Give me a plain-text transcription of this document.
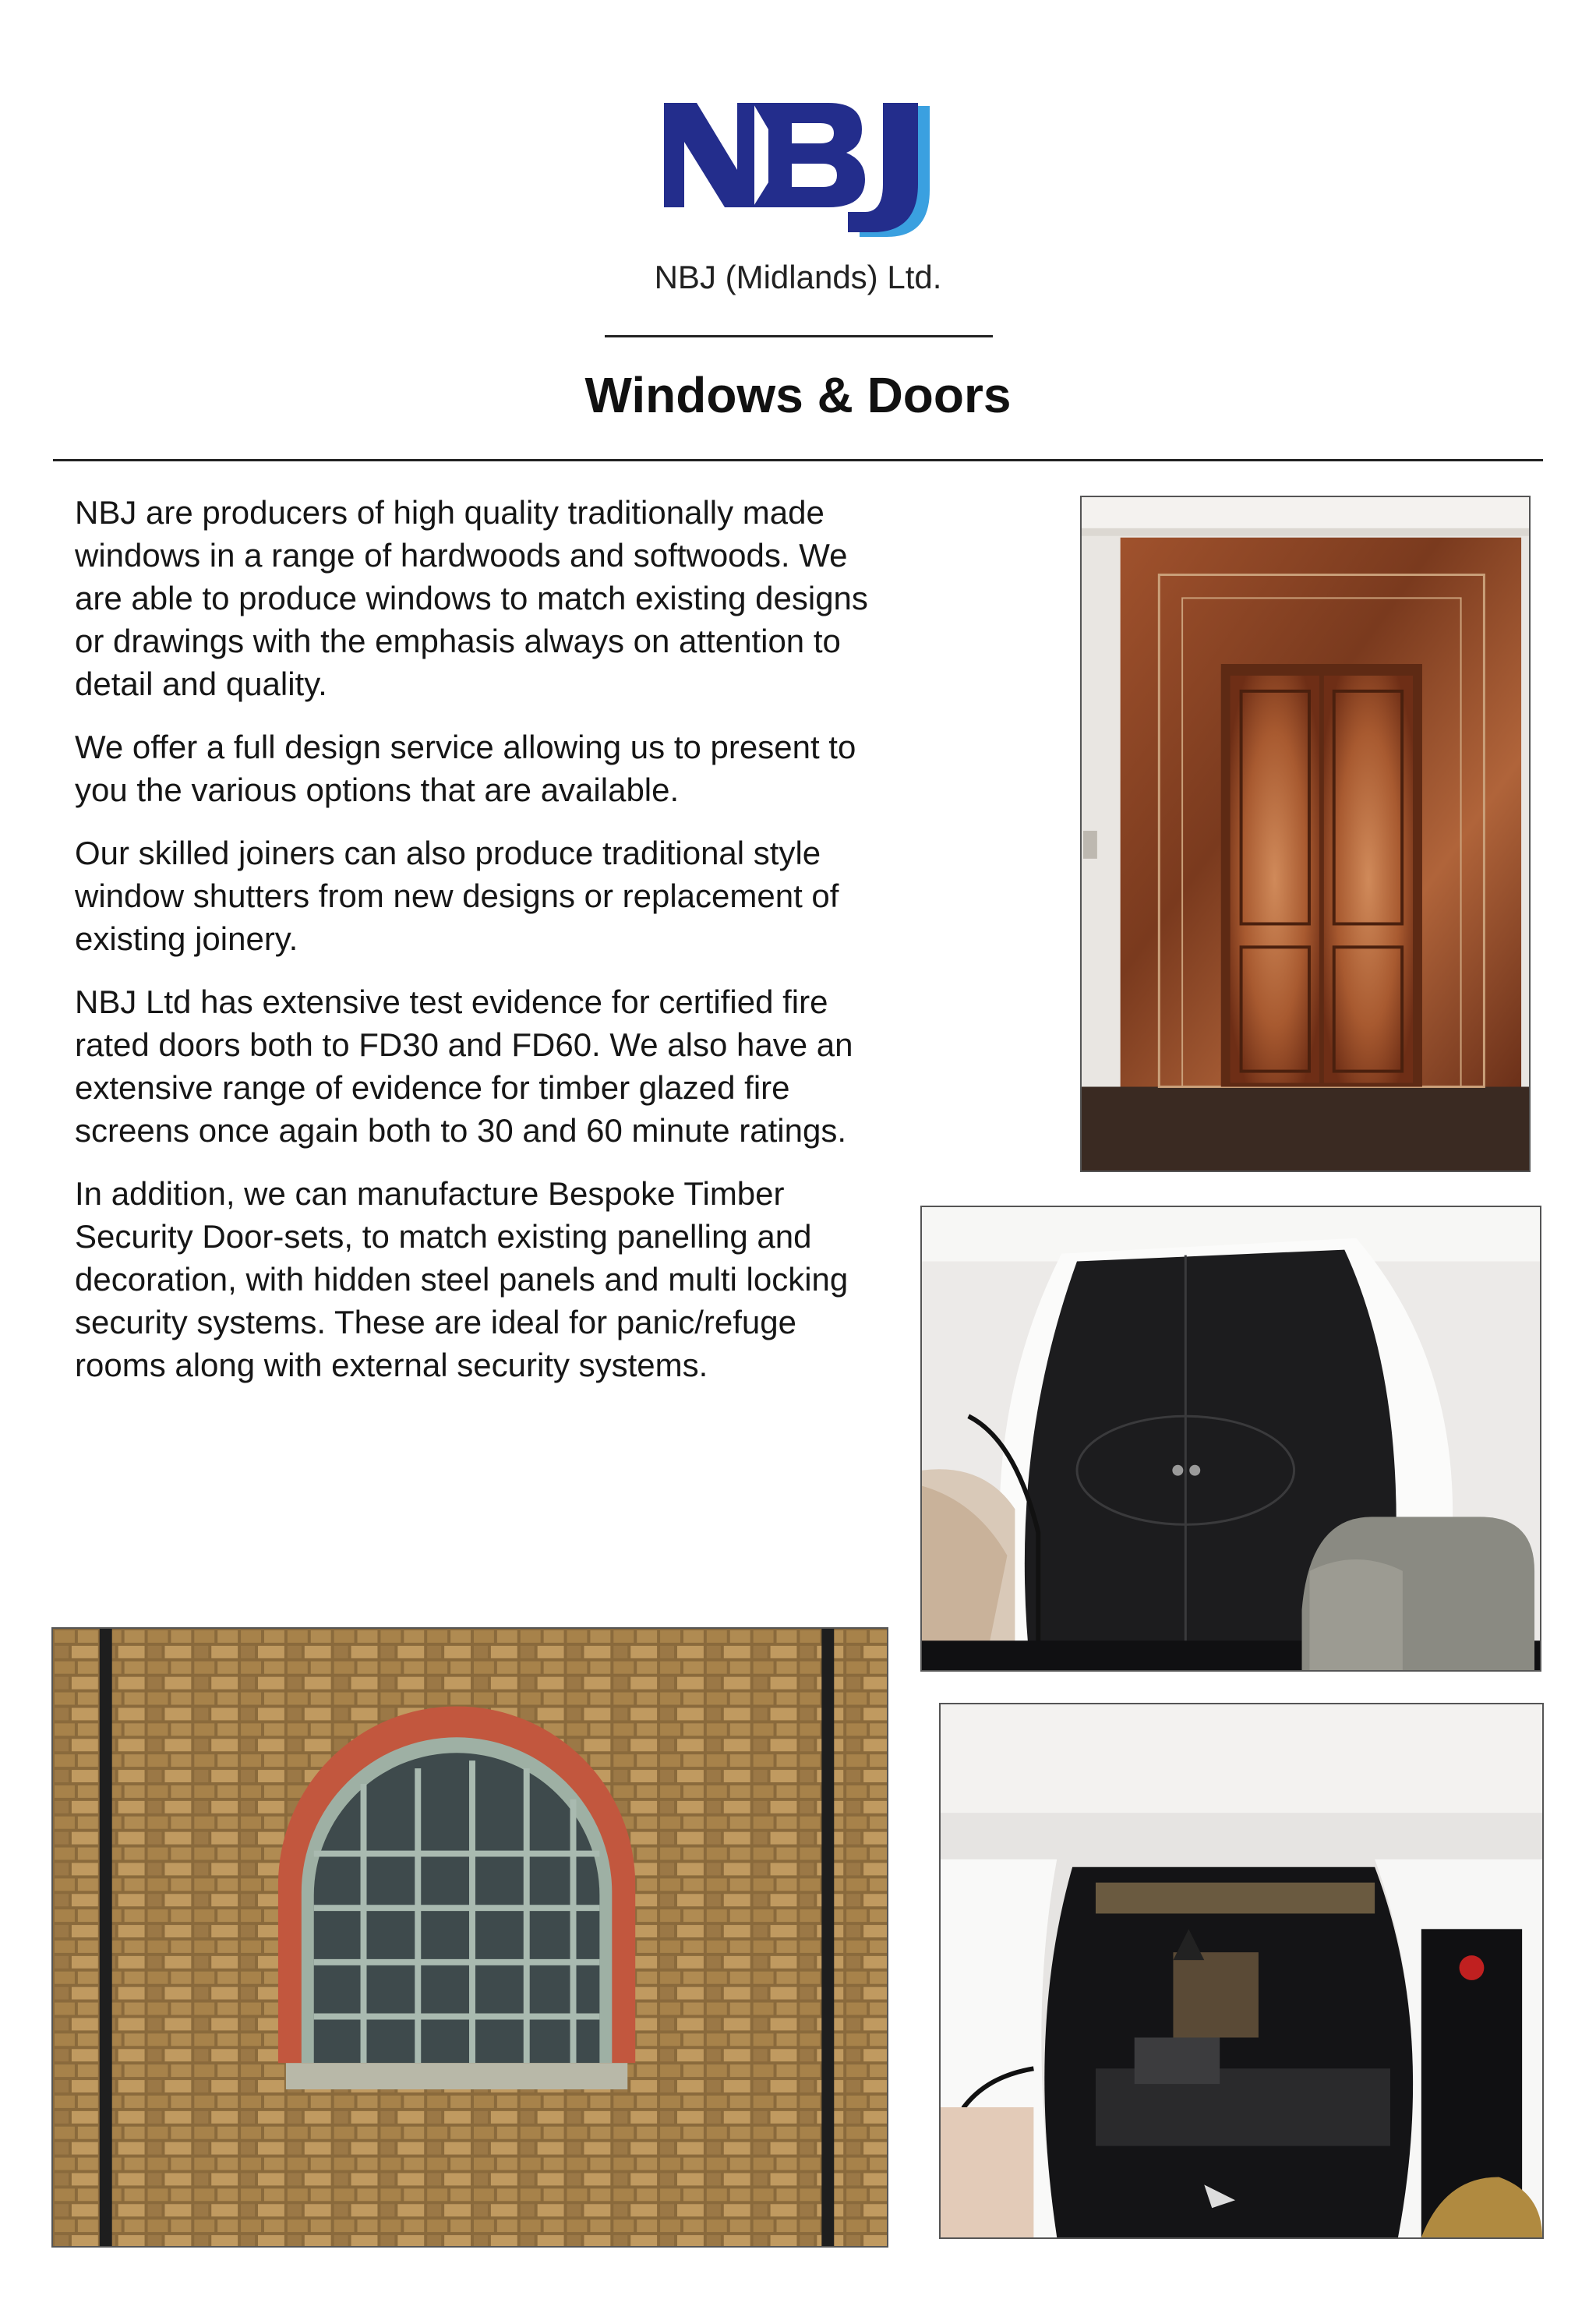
NBJ
NBJ (Midlands) Ltd.
Windows & Doors

NBJ are producers of high quality traditionally made windows in a range of hardwoods and softwoods. We are able to produce windows to match existing designs or drawings with the emphasis always on attention to detail and quality.

We offer a full design service allowing us to present to you the various options that are available.

Our skilled joiners can also produce traditional style window shutters from new designs or replacement of existing joinery.

NBJ Ltd has extensive test evidence for certified fire rated doors both to FD30 and FD60. We also have an extensive range of evidence for timber glazed fire screens once again both to 30 and 60 minute ratings.

In addition, we can manufacture Bespoke Timber Security Door-sets, to match existing panelling and decoration, with hidden steel panels and multi locking security systems. These are ideal for panic/refuge rooms along with external security systems.
